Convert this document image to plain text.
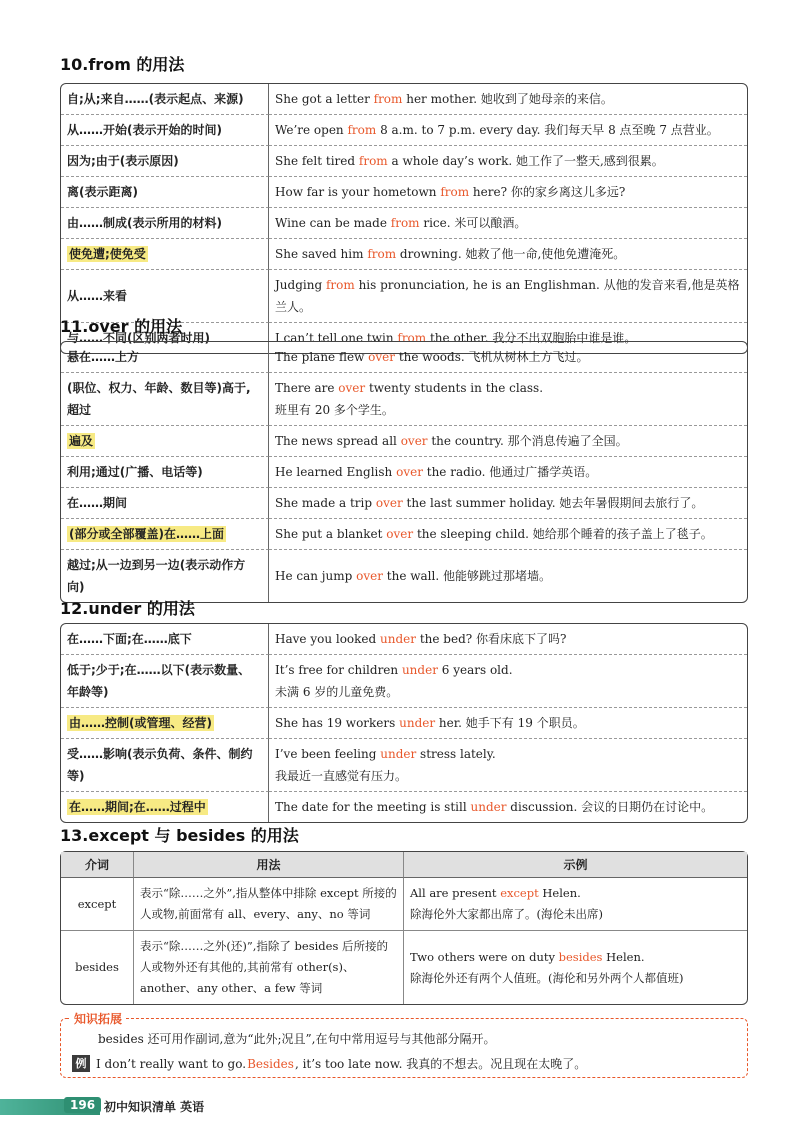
10.from 的用法
自;从;来自……(表示起点、来源)	She got a letter from her mother. 她收到了她母亲的来信。
从……开始(表示开始的时间)	We’re open from 8 a.m. to 7 p.m. every day. 我们每天早 8 点至晚 7 点营业。
因为;由于(表示原因)	She felt tired from a whole day’s work. 她工作了一整天,感到很累。
离(表示距离)	How far is your hometown from here? 你的家乡离这儿多远?
由……制成(表示所用的材料)	Wine can be made from rice. 米可以酿酒。
使免遭;使免受	She saved him from drowning. 她救了他一命,使他免遭淹死。
从……来看	Judging from his pronunciation, he is an Englishman. 从他的发音来看,他是英格兰人。
与……不同(区别两者时用)	I can’t tell one twin from the other. 我分不出双胞胎中谁是谁。
11.over 的用法
悬在……上方	The plane flew over the woods. 飞机从树林上方飞过。
(职位、权力、年龄、数目等)高于,超过	There are over twenty students in the class.
班里有 20 多个学生。
遍及	The news spread all over the country. 那个消息传遍了全国。
利用;通过(广播、电话等)	He learned English over the radio. 他通过广播学英语。
在……期间	She made a trip over the last summer holiday. 她去年暑假期间去旅行了。
(部分或全部覆盖)在……上面	She put a blanket over the sleeping child. 她给那个睡着的孩子盖上了毯子。
越过;从一边到另一边(表示动作方向)	He can jump over the wall. 他能够跳过那堵墙。
12.under 的用法
在……下面;在……底下	Have you looked under the bed? 你看床底下了吗?
低于;少于;在……以下(表示数量、年龄等)	It’s free for children under 6 years old.
未满 6 岁的儿童免费。
由……控制(或管理、经营)	She has 19 workers under her. 她手下有 19 个职员。
受……影响(表示负荷、条件、制约等)	I’ve been feeling under stress lately.
我最近一直感觉有压力。
在……期间;在……过程中	The date for the meeting is still under discussion. 会议的日期仍在讨论中。
13.except 与 besides 的用法
介词	用法	示例
except	表示“除……之外”,指从整体中排除 except 所接的人或物,前面常有 all、every、any、no 等词	All are present except Helen.
除海伦外大家都出席了。(海伦未出席)
besides	表示“除……之外(还)”,指除了 besides 后所接的人或物外还有其他的,其前常有 other(s)、another、any other、a few 等词	Two others were on duty besides Helen.
除海伦外还有两个人值班。(海伦和另外两个人都值班)
知识拓展
besides 还可用作副词,意为“此外;况且”,在句中常用逗号与其他部分隔开。
例 I don’t really want to go. Besides , it’s too late now. 我真的不想去。况且现在太晚了。
196 初中知识清单 英语
